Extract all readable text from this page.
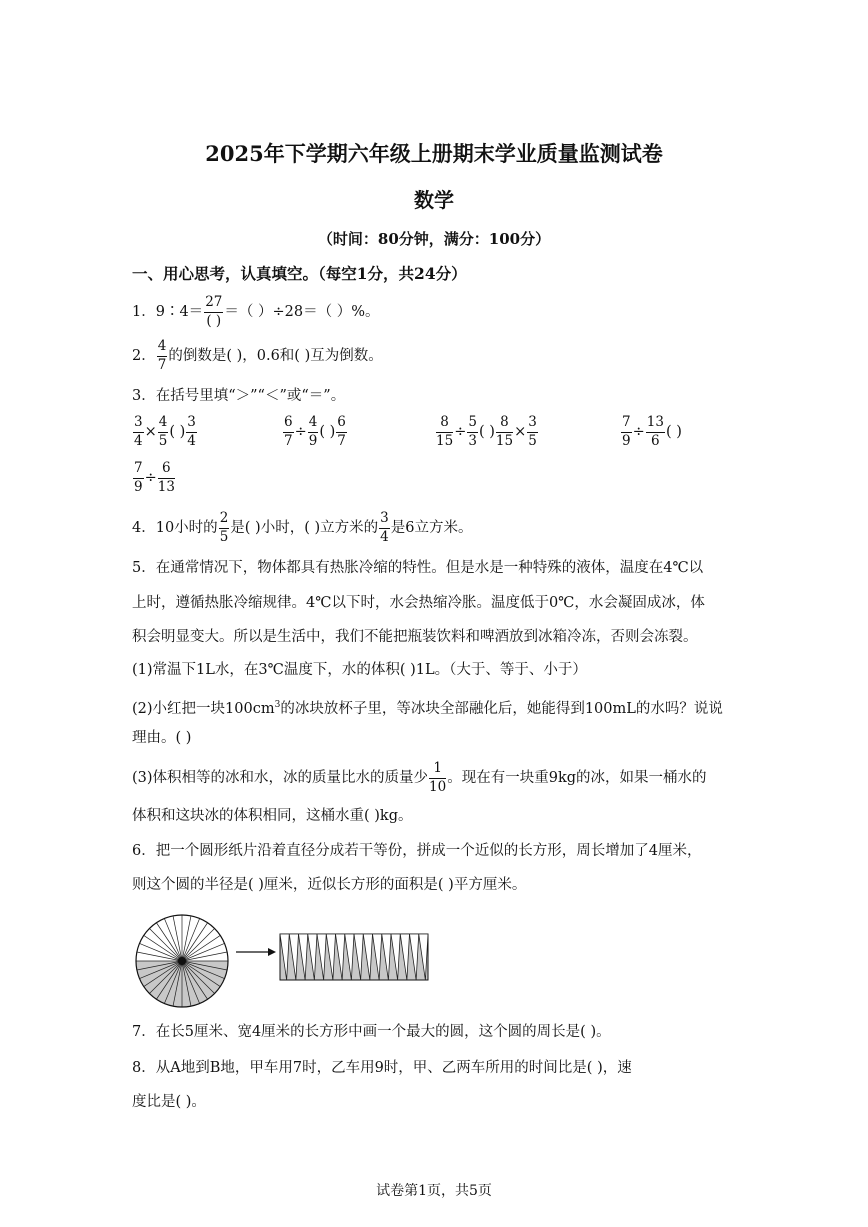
2025年下学期六年级上册期末学业质量监测试卷
数学
（时间：80分钟，满分：100分）
一、用心思考，认真填空。（每空1分，共24分）
1．9∶4＝ $\frac{27}{( )}$ ＝（ ）÷28＝（ ）%。
2． $\frac{4}{7}$ 的倒数是( )，0.6和( )互为倒数。
3．在括号里填“＞”“＜”或“＝”。
$\frac{3}{4} \times \frac{4}{5}$ ( ) $\frac{3}{4}$	$\frac{6}{7} \div \frac{4}{9}$ ( ) $\frac{6}{7}$	$\frac{8}{15} \div \frac{5}{3}$ ( ) $\frac{8}{15} \times \frac{3}{5}$	$\frac{7}{9} \div \frac{13}{6}$ ( )
$\frac{7}{9} \div \frac{6}{13}$
4．10小时的 $\frac{2}{5}$ 是( )小时，( )立方米的 $\frac{3}{4}$ 是6立方米。
5．在通常情况下，物体都具有热胀冷缩的特性。但是水是一种特殊的液体，温度在4℃以
上时，遵循热胀冷缩规律。4℃以下时，水会热缩冷胀。温度低于0℃，水会凝固成冰，体
积会明显变大。所以是生活中，我们不能把瓶装饮料和啤酒放到冰箱冷冻，否则会冻裂。
(1)常温下1L水，在3℃温度下，水的体积( )1L。（大于、等于、小于）
(2)小红把一块$100cm^3$的冰块放杯子里，等冰块全部融化后，她能得到100mL的水吗？说说
理由。( )
(3)体积相等的冰和水，冰的质量比水的质量少 $\frac{1}{10}$ 。现在有一块重9kg的冰，如果一桶水的
体积和这块冰的体积相同，这桶水重( )kg。
6．把一个圆形纸片沿着直径分成若干等份，拼成一个近似的长方形，周长增加了4厘米，
则这个圆的半径是( )厘米，近似长方形的面积是( )平方厘米。
7．在长5厘米、宽4厘米的长方形中画一个最大的圆，这个圆的周长是( )。
8．从A地到B地，甲车用7时，乙车用9时，甲、乙两车所用的时间比是( )，速
度比是( )。
试卷第1页，共5页
